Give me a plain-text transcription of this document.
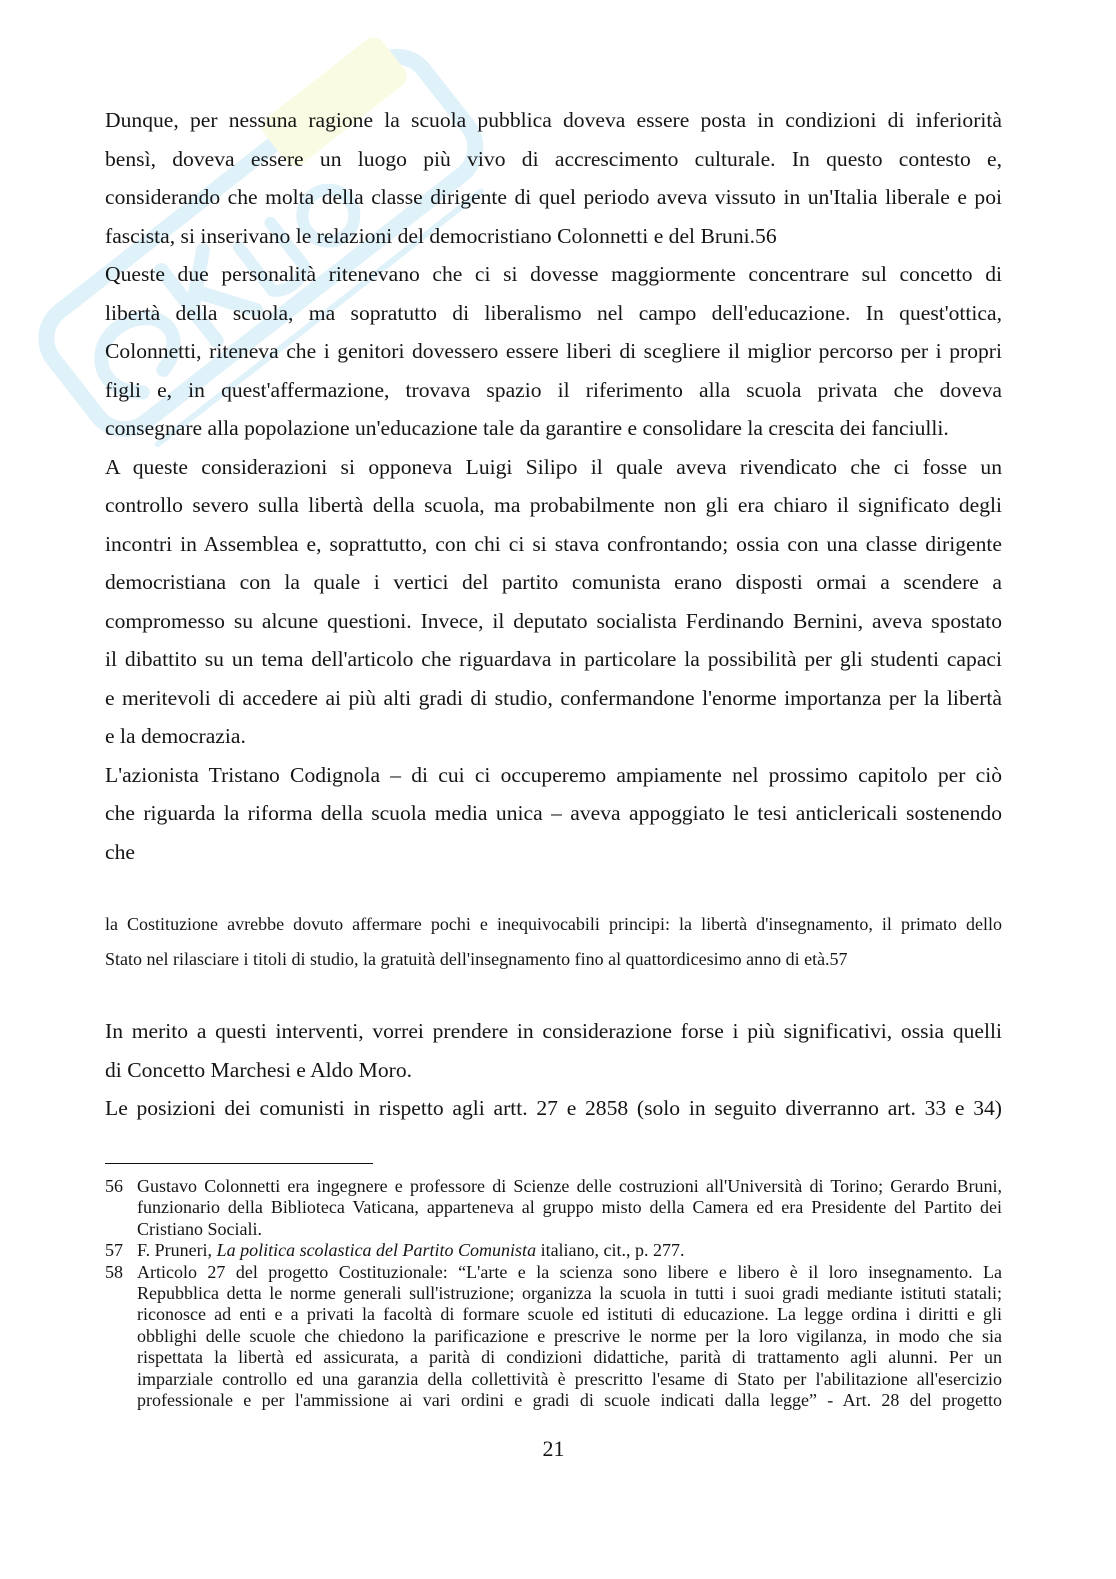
Dunque, per nessuna ragione la scuola pubblica doveva essere posta in condizioni di inferiorità
bensì, doveva essere un luogo più vivo di accrescimento culturale. In questo contesto e,
considerando che molta della classe dirigente di quel periodo aveva vissuto in un'Italia liberale e poi
fascista, si inserivano le relazioni del democristiano Colonnetti e del Bruni.56
Queste due personalità ritenevano che ci si dovesse maggiormente concentrare sul concetto di
libertà della scuola, ma sopratutto di liberalismo nel campo dell'educazione. In quest'ottica,
Colonnetti, riteneva che i genitori dovessero essere liberi di scegliere il miglior percorso per i propri
figli e, in quest'affermazione, trovava spazio il riferimento alla scuola privata che doveva
consegnare alla popolazione un'educazione tale da garantire e consolidare la crescita dei fanciulli.
A queste considerazioni si opponeva Luigi Silipo il quale aveva rivendicato che ci fosse un
controllo severo sulla libertà della scuola, ma probabilmente non gli era chiaro il significato degli
incontri in Assemblea e, soprattutto, con chi ci si stava confrontando; ossia con una classe dirigente
democristiana con la quale i vertici del partito comunista erano disposti ormai a scendere a
compromesso su alcune questioni. Invece, il deputato socialista Ferdinando Bernini, aveva spostato
il dibattito su un tema dell'articolo che riguardava in particolare la possibilità per gli studenti capaci
e meritevoli di accedere ai più alti gradi di studio, confermandone l'enorme importanza per la libertà
e la democrazia.
L'azionista Tristano Codignola – di cui ci occuperemo ampiamente nel prossimo capitolo per ciò
che riguarda la riforma della scuola media unica – aveva appoggiato le tesi anticlericali sostenendo
che
la Costituzione avrebbe dovuto affermare pochi e inequivocabili principi: la libertà d'insegnamento, il primato dello
Stato nel rilasciare i titoli di studio, la gratuità dell'insegnamento fino al quattordicesimo anno di età.57
In merito a questi interventi, vorrei prendere in considerazione forse i più significativi, ossia quelli
di Concetto Marchesi e Aldo Moro.
Le posizioni dei comunisti in rispetto agli artt. 27 e 2858 (solo in seguito diverranno art. 33 e 34)
56 Gustavo Colonnetti era ingegnere e professore di Scienze delle costruzioni all'Università di Torino; Gerardo Bruni,
funzionario della Biblioteca Vaticana, apparteneva al gruppo misto della Camera ed era Presidente del Partito dei
Cristiano Sociali.
57 F. Pruneri, La politica scolastica del Partito Comunista italiano, cit., p. 277.
58 Articolo 27 del progetto Costituzionale: “L'arte e la scienza sono libere e libero è il loro insegnamento. La
Repubblica detta le norme generali sull'istruzione; organizza la scuola in tutti i suoi gradi mediante istituti statali;
riconosce ad enti e a privati la facoltà di formare scuole ed istituti di educazione. La legge ordina i diritti e gli
obblighi delle scuole che chiedono la parificazione e prescrive le norme per la loro vigilanza, in modo che sia
rispettata la libertà ed assicurata, a parità di condizioni didattiche, parità di trattamento agli alunni. Per un
imparziale controllo ed una garanzia della collettività è prescritto l'esame di Stato per l'abilitazione all'esercizio
professionale e per l'ammissione ai vari ordini e gradi di scuole indicati dalla legge” - Art. 28 del progetto
21
